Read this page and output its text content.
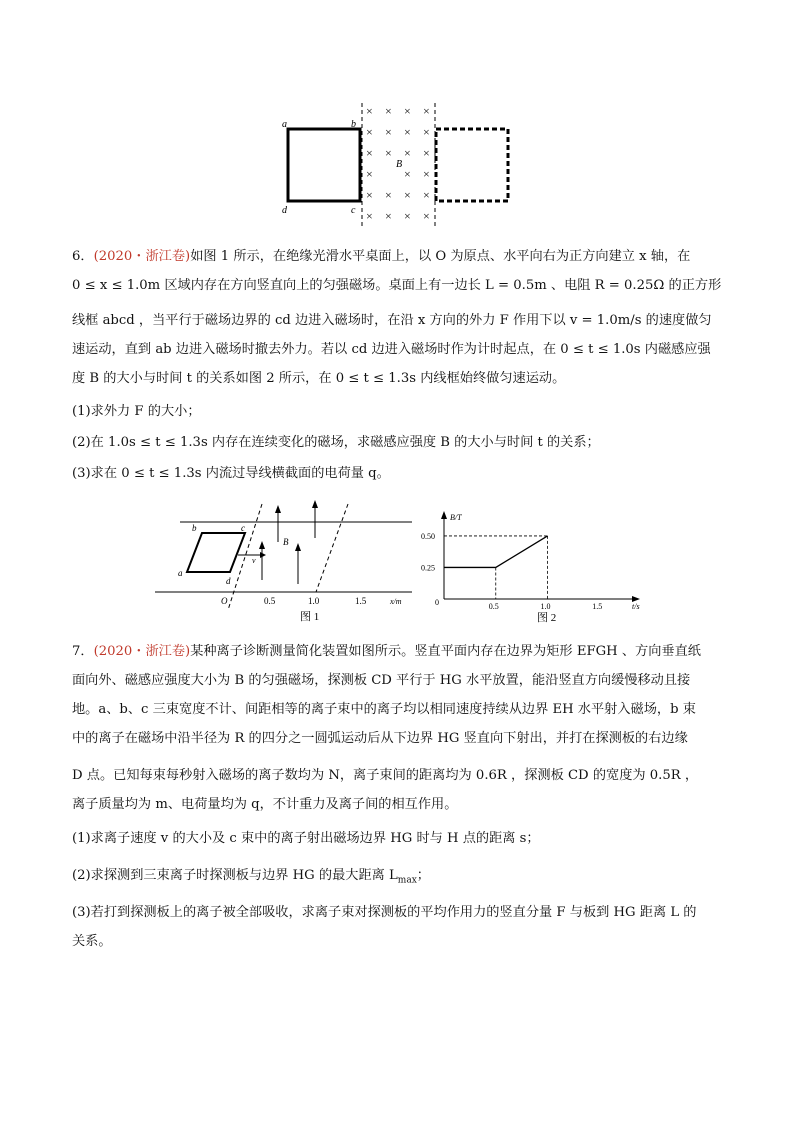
a	b
c
d
B
× × × ×
× × × ×
× × × ×
×	× ×
× × × ×
× × × ×
6．(2020・浙江卷)如图 1 所示，在绝缘光滑水平桌面上，以 O 为原点、水平向右为正方向建立 x 轴，在
0 ≤ x ≤ 1.0m 区域内存在方向竖直向上的匀强磁场。桌面上有一边长 L = 0.5m 、电阻 R = 0.25Ω 的正方形
线框 abcd ，当平行于磁场边界的 cd 边进入磁场时，在沿 x 方向的外力 F 作用下以 v = 1.0m/s 的速度做匀
速运动，直到 ab 边进入磁场时撤去外力。若以 cd 边进入磁场时作为计时起点，在 0 ≤ t ≤ 1.0s 内磁感应强
度 B 的大小与时间 t 的关系如图 2 所示，在 0 ≤ t ≤ 1.3s 内线框始终做匀速运动。
(1)求外力 F 的大小；
(2)在 1.0s ≤ t ≤ 1.3s 内存在连续变化的磁场，求磁感应强度 B 的大小与时间 t 的关系；
(3)求在 0 ≤ t ≤ 1.3s 内流过导线横截面的电荷量 q。
b	c
a
d
v
B
O	0.5	1.0	1.5	x/m
图 1
B/T
t/s
0	0.5	1.0	1.5
0.25
0.50
图 2
7．(2020・浙江卷)某种离子诊断测量简化装置如图所示。竖直平面内存在边界为矩形 EFGH 、方向垂直纸
面向外、磁感应强度大小为 B 的匀强磁场，探测板 CD 平行于 HG 水平放置，能沿竖直方向缓慢移动且接
地。a、b、c 三束宽度不计、间距相等的离子束中的离子均以相同速度持续从边界 EH 水平射入磁场，b 束
中的离子在磁场中沿半径为 R 的四分之一圆弧运动后从下边界 HG 竖直向下射出，并打在探测板的右边缘
D 点。已知每束每秒射入磁场的离子数均为 N，离子束间的距离均为 0.6R ，探测板 CD 的宽度为 0.5R ，
离子质量均为 m、电荷量均为 q，不计重力及离子间的相互作用。
(1)求离子速度 v 的大小及 c 束中的离子射出磁场边界 HG 时与 H 点的距离 s；
(2)求探测到三束离子时探测板与边界 HG 的最大距离 $L_{max}$；
(3)若打到探测板上的离子被全部吸收，求离子束对探测板的平均作用力的竖直分量 F 与板到 HG 距离 L 的
关系。
